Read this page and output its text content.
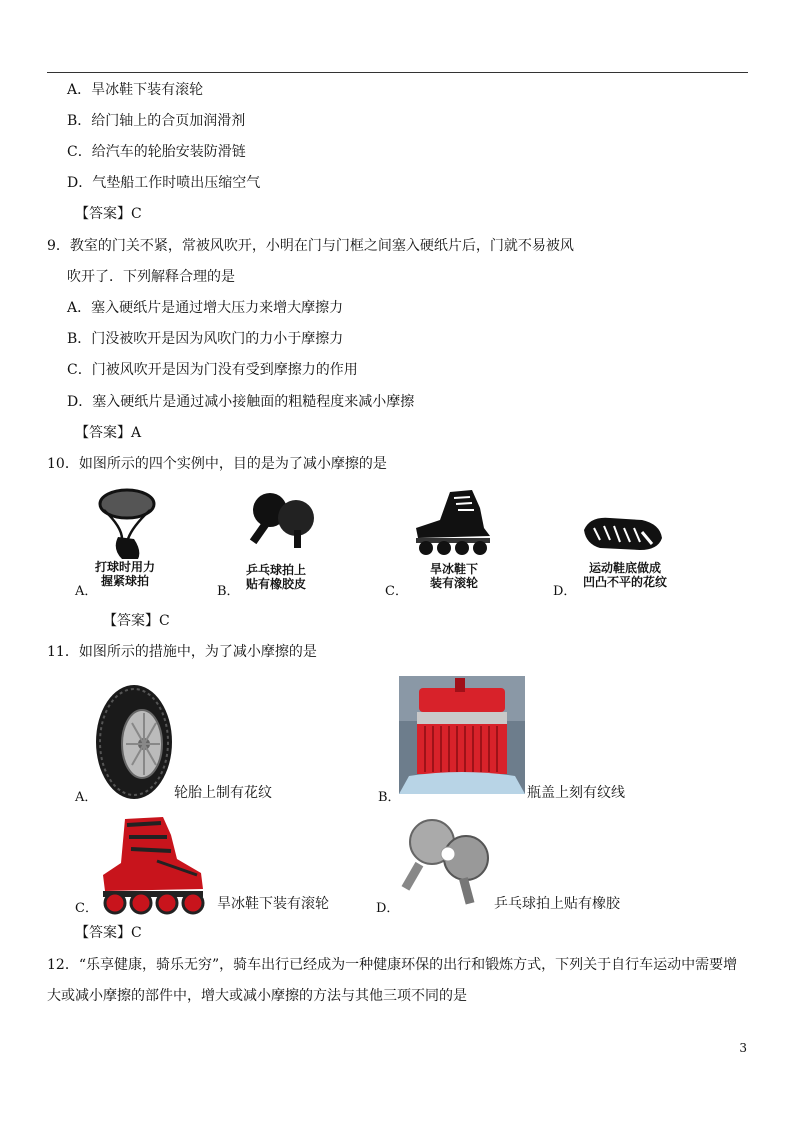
A．旱冰鞋下装有滚轮
B．给门轴上的合页加润滑剂
C．给汽车的轮胎安装防滑链
D．气垫船工作时喷出压缩空气
【答案】C
9．教室的门关不紧，常被风吹开，小明在门与门框之间塞入硬纸片后，门就不易被风
吹开了．下列解释合理的是
A．塞入硬纸片是通过增大压力来增大摩擦力
B．门没被吹开是因为风吹门的力小于摩擦力
C．门被风吹开是因为门没有受到摩擦力的作用
D．塞入硬纸片是通过减小接触面的粗糙程度来减小摩擦
【答案】A
10．如图所示的四个实例中，目的是为了减小摩擦的是
打球时用力
握紧球拍
A．
乒乓球拍上
贴有橡胶皮
B．
旱冰鞋下
装有滚轮
C．
运动鞋底做成
凹凸不平的花纹
D．
【答案】C
11．如图所示的措施中，为了减小摩擦的是
A．	轮胎上制有花纹	B．	瓶盖上刻有纹线
C．	旱冰鞋下装有滚轮	D．	乒乓球拍上贴有橡胶
【答案】C
12．“乐享健康，骑乐无穷”，骑车出行已经成为一种健康环保的出行和锻炼方式，下列关于自行车运动中需要增
大或减小摩擦的部件中，增大或减小摩擦的方法与其他三项不同的是
3
